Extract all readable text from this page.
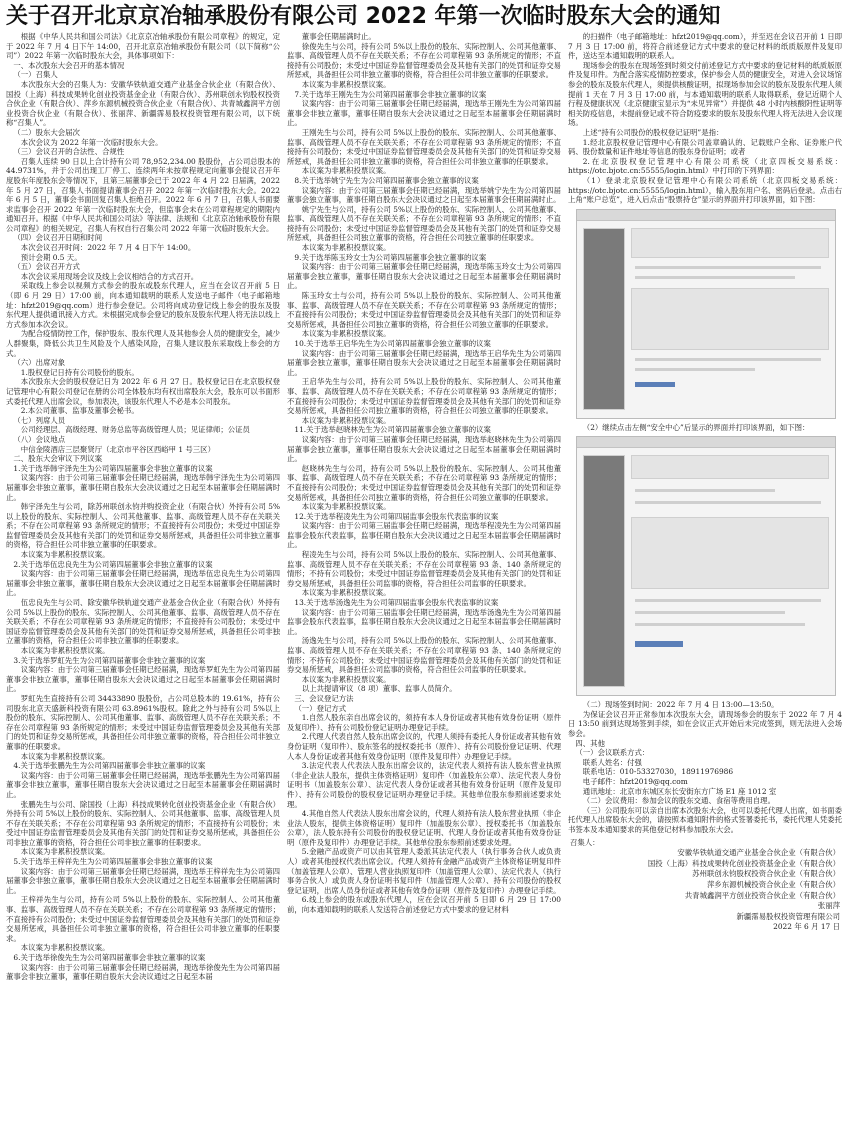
关于召开北京京冶轴承股份有限公司 2022 年第一次临时股东大会的通知

根据《中华人民共和国公司法》《北京京冶轴承股份有限公司章程》的规定，定于 2022 年 7 月 4 日下午 14:00，召开北京京冶轴承股份有限公司（以下简称“公司”）2022 年第一次临时股东大会，具体事项如下：

一、本次股东大会召开的基本情况

（一）召集人

本次股东大会的召集人为：安徽华铁轨道交通产业基金合伙企业（有限合伙）、国投（上海）科技成果转化创业投资基金企业（有限合伙）、苏州联创永钧股权投资合伙企业（有限合伙）、萍乡东源机械投资合伙企业（有限合伙）、共青城鑫润平方创业投资合伙企业（有限合伙）、张丽萍、新疆霈易股权投资管理有限公司，以下统称“召集人”。

（二）股东大会届次

本次会议为 2022 年第一次临时股东大会。

（三）会议召开的合法性、合规性

召集人连续 90 日以上合计持有公司 78,952,234.00 股股份，占公司总股本的 44.9731%，并于公司出现工厂停工、连续两年未按章程规定向董事会提议召开年度股东年度股东会等情况下，且第三届董事会已于 2022 年 4 月 22 日届满，2022 年 5 月 27 日，召集人书面提请董事会召开 2022 年第一次临时股东大会。2022 年 6 月 5 日，董事会书面回复召集人拒绝召开。2022 年 6 月 7 日，召集人书面要求监事会召开 2022 年第一次临时股东大会，但监事会未在公司章程规定的期限内通知召开。根据《中华人民共和国公司法》等法律、法规和《北京京冶轴承股份有限公司章程》的相关规定，召集人有权自行召集公司 2022 年第一次临时股东大会。

（四）会议召开日期和时间

本次会议召开时间：2022 年 7 月 4 日下午 14:00。

预计会期 0.5 天。

（五）会议召开方式

本次会议采用现场会议及线上会议相结合的方式召开。

采取线上参会以视频方式参会的股东或股东代理人，应当在会议召开前 5 日（即 6 月 29 日）17:00 前，向本通知载明的联系人发送电子邮件（电子邮箱地址：hfzt2019@qq.com）进行参会登记。公司将向成功登记线上参会的股东及股东代理人提供通讯接入方式。未根据完成参会登记的股东及股东代理人将无法以线上方式参加本次会议。

为配合疫情防控工作，保护股东、股东代理人及其他参会人员的健康安全，减少人群聚集，降低公共卫生风险及个人感染风险，召集人建议股东采取线上参会的方式。

（六）出席对象

1.股权登记日持有公司股份的股东。

本次股东大会的股权登记日为 2022 年 6 月 27 日。股权登记日在北京股权登记管理中心有限公司登记在册的公司全体股东均有权出席股东大会，股东可以书面形式委托代理人出席会议，参加表决，该股东代理人不必是本公司股东。

2.本公司董事、监事及董事会秘书。

（七）列席人员

公司经理层、高级经理、财务总监等高级管理人员；见证律师；公证员

（八）会议地点

中信金陵酒店三层聚贤厅（北京市平谷区西峪甲 1 号三区）

二、股东大会审议下列议案

1.关于选举韩宇泽先生为公司第四届董事会非独立董事的议案

议案内容：由于公司第三届董事会任期已经届满，现选举韩宇泽先生为公司第四届董事会非独立董事，董事任期自股东大会决议通过之日起至本届董事会任期届满时止。

韩宇泽先生与公司，除苏州联创永钧并购投资企业（有限合伙）外持有公司 5%以上股份的股东、实际控制人、公司其他董事、监事、高级管理人员不存在关联关系；不存在公司章程第 93 条所规定的情形；不直接持有公司股份；未受过中国证券监督管理委员会及其他有关部门的处罚和证券交易所惩戒，具备担任公司非独立董事的资格，符合担任公司非独立董事的任职要求。

本议案为非累积投票议案。

2.关于选举伍忠良先生为公司第四届董事会非独立董事的议案

议案内容：由于公司第三届董事会任期已经届满，现选举伍忠良先生为公司第四届董事会非独立董事，董事任期自股东大会决议通过之日起至本届董事会任期届满时止。

伍忠良先生与公司、除安徽华铁轨道交通产业基金合伙企业（有限合伙）外持有公司 5%以上股份的股东、实际控制人、公司其他董事、监事、高级管理人员不存在关联关系；不存在公司章程第 93 条所规定的情形；不直接持有公司股份；未受过中国证券监督管理委员会及其他有关部门的处罚和证券交易所惩戒，具备担任公司非独立董事的资格，符合担任公司非独立董事的任职要求。

本议案为非累积投票议案。

3.关于选举罗虹先生为公司第四届董事会非独立董事的议案

议案内容：由于公司第三届董事会任期已经届满，现选举罗虹先生为公司第四届董事会非独立董事，董事任期自股东大会决议通过之日起至本届董事会任期届满时止。

罗虹先生直接持有公司 34433890 股股份，占公司总股本的 19.61%，持有公司股东北京天盛新科投资有限公司 63.8961%股权。除此之外与持有公司 5%以上股份的股东、实际控制人、公司其他董事、监事、高级管理人员不存在关联关系；不存在公司章程第 93 条所规定的情形；未受过中国证券监督管理委员会及其他有关部门的处罚和证券交易所惩戒，具备担任公司非独立董事的资格，符合担任公司非独立董事的任职要求。

本议案为非累积投票议案。

4.关于选举张鹏先生为公司第四届董事会非独立董事的议案

议案内容：由于公司第三届董事会任期已经届满，现选举张鹏先生为公司第四届董事会非独立董事，董事任期自股东大会决议通过之日起至本届董事会任期届满时止。

张鹏先生与公司、除国投（上海）科技成果转化创业投资基金企业（有限合伙）外持有公司 5%以上股份的股东、实际控制人、公司其他董事、监事、高级管理人员不存在关联关系；不存在公司章程第 93 条所规定的情形；不直接持有公司股份；未受过中国证券监督管理委员会及其他有关部门的处罚和证券交易所惩戒，具备担任公司非独立董事的资格，符合担任公司非独立董事的任职要求。

本议案为非累积投票议案。

5.关于选举王梓祥先生为公司第四届董事会非独立董事的议案

议案内容：由于公司第三届董事会任期已经届满，现选举王梓祥先生为公司第四届董事会非独立董事，董事任期自股东大会决议通过之日起至本届董事会任期届满时止。

王梓祥先生与公司，持有公司 5%以上股份的股东、实际控制人、公司其他董事、监事、高级管理人员不存在关联关系；不存在公司章程第 93 条所规定的情形；不直接持有公司股份；未受过中国证券监督管理委员会及其他有关部门的处罚和证券交易所惩戒，具备担任公司非独立董事的资格，符合担任公司非独立董事的任职要求。

本议案为非累积投票议案。

6.关于选举徐俊先生为公司第四届董事会非独立董事的议案

议案内容：由于公司第三届董事会任期已经届满，现选举徐俊先生为公司第四届董事会非独立董事，董事任期自股东大会决议通过之日起至本届

董事会任期届满时止。

徐俊先生与公司，持有公司 5%以上股份的股东、实际控制人、公司其他董事、监事、高级管理人员不存在关联关系；不存在公司章程第 93 条所规定的情形；不直接持有公司股份；未受过中国证券监督管理委员会及其他有关部门的处罚和证券交易所惩戒，具备担任公司非独立董事的资格，符合担任公司非独立董事的任职要求。

本议案为非累积投票议案。

7.关于选举王刚先生为公司第四届董事会非独立董事的议案

议案内容：由于公司第三届董事会任期已经届满，现选举王刚先生为公司第四届董事会非独立董事，董事任期自股东大会决议通过之日起至本届董事会任期届满时止。

王刚先生与公司，持有公司 5%以上股份的股东、实际控制人、公司其他董事、监事、高级管理人员不存在关联关系；不存在公司章程第 93 条所规定的情形；不直接持有公司股份；未受过中国证券监督管理委员会及其他有关部门的处罚和证券交易所惩戒，具备担任公司非独立董事的资格，符合担任公司非独立董事的任职要求。

本议案为非累积投票议案。

8.关于选举姚宁先生为公司第四届董事会独立董事的议案

议案内容：由于公司第三届董事会任期已经届满，现选举姚宁先生为公司第四届董事会独立董事，董事任期自股东大会决议通过之日起至本届董事会任期届满时止。

姚宁先生与公司，持有公司 5%以上股份的股东、实际控制人、公司其他董事、监事、高级管理人员不存在关联关系；不存在公司章程第 93 条所规定的情形；不直接持有公司股份；未受过中国证券监督管理委员会及其他有关部门的处罚和证券交易所惩戒，具备担任公司独立董事的资格，符合担任公司独立董事的任职要求。

本议案为非累积投票议案。

9.关于选举陈玉玲女士为公司第四届董事会独立董事的议案

议案内容：由于公司第三届董事会任期已经届满，现选举陈玉玲女士为公司第四届董事会独立董事，董事任期自股东大会决议通过之日起至本届董事会任期届满时止。

陈玉玲女士与公司，持有公司 5%以上股份的股东、实际控制人、公司其他董事、监事、高级管理人员不存在关联关系；不存在公司章程第 93 条所规定的情形；不直接持有公司股份；未受过中国证券监督管理委员会及其他有关部门的处罚和证券交易所惩戒，具备担任公司独立董事的资格，符合担任公司独立董事的任职要求。

本议案为非累积投票议案。

10.关于选举王启华先生为公司第四届董事会独立董事的议案

议案内容：由于公司第三届董事会任期已经届满，现选举王启华先生为公司第四届董事会独立董事，董事任期自股东大会决议通过之日起至本届董事会任期届满时止。

王启华先生与公司，持有公司 5%以上股份的股东、实际控制人、公司其他董事、监事、高级管理人员不存在关联关系；不存在公司章程第 93 条所规定的情形；不直接持有公司股份；未受过中国证券监督管理委员会及其他有关部门的处罚和证券交易所惩戒，具备担任公司独立董事的资格，符合担任公司独立董事的任职要求。

本议案为非累积投票议案。

11.关于选举赵晓林先生为公司第四届董事会独立董事的议案

议案内容：由于公司第三届董事会任期已经届满，现选举赵晓林先生为公司第四届董事会独立董事，董事任期自股东大会决议通过之日起至本届董事会任期届满时止。

赵晓林先生与公司，持有公司 5%以上股份的股东、实际控制人、公司其他董事、监事、高级管理人员不存在关联关系；不存在公司章程第 93 条所规定的情形；不直接持有公司股份；未受过中国证券监督管理委员会及其他有关部门的处罚和证券交易所惩戒，具备担任公司独立董事的资格，符合担任公司独立董事的任职要求。

本议案为非累积投票议案。

12.关于选举程凌先生为公司第四届监事会股东代表监事的议案

议案内容：由于公司第三届监事会任期已经届满，现选举程凌先生为公司第四届监事会股东代表监事，监事任期自股东大会决议通过之日起至本届监事会任期届满时止。

程凌先生与公司，持有公司 5%以上股份的股东、实际控制人、公司其他董事、监事、高级管理人员不存在关联关系；不存在公司章程第 93 条、140 条所规定的情形；不持有公司股份；未受过中国证券监督管理委员会及其他有关部门的处罚和证券交易所惩戒，具备担任公司监事的资格，符合担任公司监事的任职要求。

本议案为非累积投票议案。

13.关于选举汤逸先生为公司第四届监事会股东代表监事的议案

议案内容：由于公司第三届监事会任期已经届满，现选举汤逸先生为公司第四届监事会股东代表监事，监事任期自股东大会决议通过之日起至本届监事会任期届满时止。

汤逸先生与公司，持有公司 5%以上股份的股东、实际控制人、公司其他董事、监事、高级管理人员不存在关联关系；不存在公司章程第 93 条、140 条所规定的情形；不持有公司股份；未受过中国证券监督管理委员会及其他有关部门的处罚和证券交易所惩戒，具备担任公司监事的资格，符合担任公司监事的任职要求。

本议案为非累积投票议案。

以上共提请审议（8 项）董事、监事人员简介。

三、会议登记方法

（一）登记方式

1.自然人股东亲自出席会议的，须持有本人身份证或者其他有效身份证明（原件及复印件）、持有公司股份登记证明办理登记手续。

2.代理人代表自然人股东出席会议的，代理人须持有委托人身份证或者其他有效身份证明（复印件）、股东签名的授权委托书（原件）、持有公司股份登记证明、代理人本人身份证或者其他有效身份证明（原件及复印件）办理登记手续。

3.法定代表人代表法人股东出席会议的，法定代表人须持有法人股东营业执照（非企业法人股东，提供主体资格证明）复印件（加盖股东公章）、法定代表人身份证明书（加盖股东公章）、法定代表人身份证或者其他有效身份证明（原件及复印件）、持有公司股份的股权登记证明办理登记手续。其他单位股东参照前述要求处理。

4.其他自然人代表法人股东出席会议的，代理人须持有法人股东营业执照（非企业法人股东，提供主体资格证明）复印件（加盖股东公章）、授权委托书（加盖股东公章），法人股东持有公司股份的股权登记证明、代理人身份证或者其他有效身份证明（原件及复印件）办理登记手续。其他单位股东参照前述要求处理。

5.金融产品或资产可以由其管理人委派其法定代表人（执行事务合伙人或负责人）或者其他授权代表出席会议。代理人须持有金融产品或资产主体资格证明复印件（加盖管理人公章）、管理人营业执照复印件（加盖管理人公章）、法定代表人（执行事务合伙人）或负责人身份证明书复印件（加盖管理人公章）、持有公司股份的股权登记证明，出席人员身份证或者其他有效身份证明（原件及复印件）办理登记手续。

6.线上参会的股东或股东代理人，应在会议召开前 5 日即 6 月 29 日 17:00 前，向本通知载明的联系人发送符合前述登记方式中要求的登记材料

的扫描件（电子邮箱地址：hfzt2019@qq.com），并至迟在会议召开前 1 日即 7 月 3 日 17:00 前，将符合前述登记方式中要求的登记材料的纸质版原件及复印件，送达至本通知载明的联系人。

现场参会的股东在现场签到时须交付前述登记方式中要求的登记材料的纸质版原件及复印件。为配合落实疫情防控要求，保护参会人员的健康安全，对进入会议场馆参会的股东及股东代理人，须提供核酸证明，拟现场参加会议的股东及股东代理人须提前 1 天在 7 月 3 日 17:00 前，与本通知载明的联系人取得联系，登记近期个人行程及健康状况（北京健康宝显示为“未见异常”）并提供 48 小时内核酸阴性证明等相关防疫信息，未提前登记或不符合防疫要求的股东及股东代理人将无法进入会议现场。

上述“持有公司股份的股权登记证明”是指：

1.经北京股权登记管理中心有限公司盖章确认的、记载账户全称、证券账户代码、股份数量和证件地址等信息的股东身份证明；或者

2.在北京股权登记管理中心有限公司系统（北京四板交易系统：https://otc.bjotc.cn:55555/login.html）中打印的下列界面：

（1）登录北京股权登记管理中心有限公司系统（北京四板交易系统：https://otc.bjotc.cn:55555/login.html），输入股东用户名、密码后登录。点击右上角“账户总览”，进入后点击“股票持仓”显示的界面并打印该界面，如下图：

（2）继续点击左侧“安全中心”后显示的界面并打印该界面，如下图：

（二）现场签到时间：2022 年 7 月 4 日 13:00—13:50。

为保证会议召开正常参加本次股东大会，请现场参会的股东于 2022 年 7 月 4 日 13:50 前到达现场签到手续，如在会议正式开始后未完成签到，则无法进入会场参会。

四、其他

（一）会议联系方式：

联系人姓名：付强

联系电话：010-53327030，18911976986

电子邮件：hfzt2019@qq.com

通讯地址：北京市东城区东长安街东方广场 E1 座 1012 室

（二）会议费用：参加会议的股东交通、食宿等费用自理。

（三）公司股东可以亲自出席本次股东大会，也可以委托代理人出席，如书面委托代理人出席股东大会的，请按照本通知附件的格式签署委托书，委托代理人凭委托书签本及本通知要求的其他登记材料参加股东大会。

召集人：
安徽华铁轨道交通产业基金合伙企业（有限合伙）
国投（上海）科技成果转化创业投资基金企业（有限合伙）
苏州联创永钧股权投资合伙企业（有限合伙）
萍乡东源机械投资合伙企业（有限合伙）
共青城鑫润平方创业投资合伙企业（有限合伙）
张丽萍
新疆霈易股权投资管理有限公司
2022 年 6 月 17 日
